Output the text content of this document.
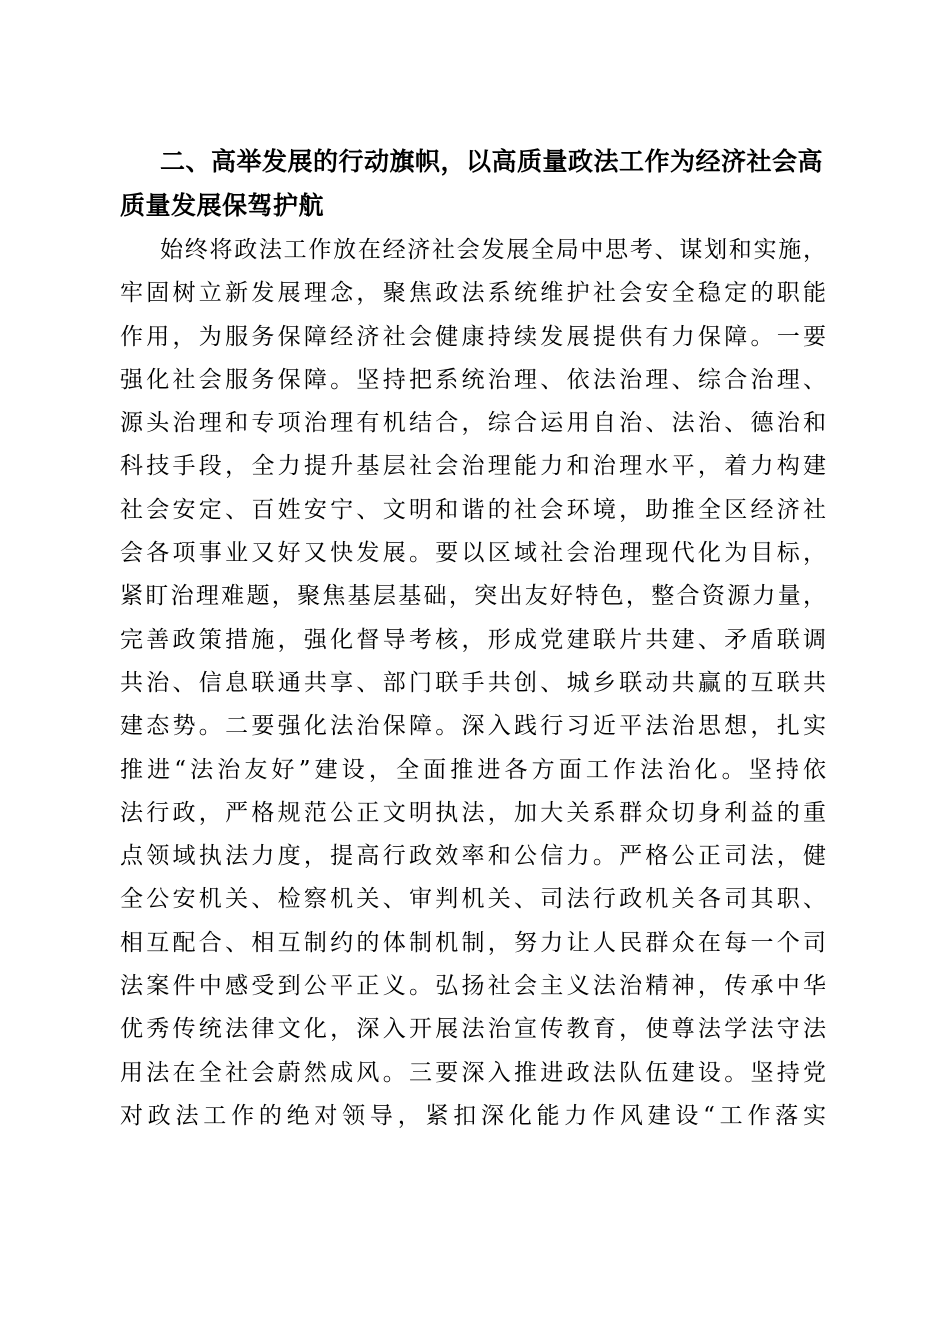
二、高举发展的行动旗帜，以高质量政法工作为经济社会高
质量发展保驾护航
始终将政法工作放在经济社会发展全局中思考、谋划和实施，
牢固树立新发展理念，聚焦政法系统维护社会安全稳定的职能
作用，为服务保障经济社会健康持续发展提供有力保障。一要
强化社会服务保障。坚持把系统治理、依法治理、综合治理、
源头治理和专项治理有机结合，综合运用自治、法治、德治和
科技手段，全力提升基层社会治理能力和治理水平，着力构建
社会安定、百姓安宁、文明和谐的社会环境，助推全区经济社
会各项事业又好又快发展。要以区域社会治理现代化为目标，
紧盯治理难题，聚焦基层基础，突出友好特色，整合资源力量，
完善政策措施，强化督导考核，形成党建联片共建、矛盾联调
共治、信息联通共享、部门联手共创、城乡联动共赢的互联共
建态势。二要强化法治保障。深入践行习近平法治思想，扎实
推进“法治友好”建设，全面推进各方面工作法治化。坚持依
法行政，严格规范公正文明执法，加大关系群众切身利益的重
点领域执法力度，提高行政效率和公信力。严格公正司法，健
全公安机关、检察机关、审判机关、司法行政机关各司其职、
相互配合、相互制约的体制机制，努力让人民群众在每一个司
法案件中感受到公平正义。弘扬社会主义法治精神，传承中华
优秀传统法律文化，深入开展法治宣传教育，使尊法学法守法
用法在全社会蔚然成风。三要深入推进政法队伍建设。坚持党
对政法工作的绝对领导，紧扣深化能力作风建设“工作落实
